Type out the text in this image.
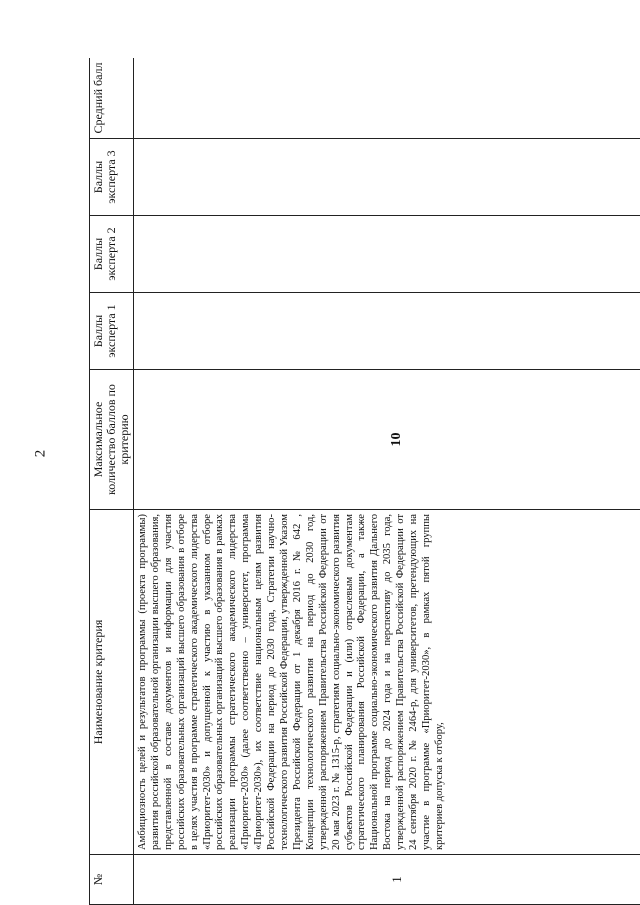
2
№	Наименование критерия	Максимальное количество баллов по критерию	Баллы эксперта 1	Баллы эксперта 2	Баллы эксперта 3	Средний балл
1	Амбициозность целей и результатов программы (проекта программы) развития российской образовательной организации высшего образования, представленной в составе документов и информации для участия российских образовательных организаций высшего образования в отборе в целях участия в программе стратегического академического лидерства «Приоритет-2030» и допущенной к участию в указанном отборе российских образовательных организаций высшего образования в рамках реализации программы стратегического академического лидерства «Приоритет-2030» (далее соответственно – университет, программа «Приоритет-2030»), их соответствие национальным целям развития Российской Федерации на период до 2030 года, Стратегии научно-технологического развития Российской Федерации, утвержденной Указом Президента Российской Федерации от 1 декабря 2016 г. № 642 , Концепции технологического развития на период до 2030 год, утвержденной распоряжением Правительства Российской Федерации от 20 мая 2023 г. № 1315-р, стратегиям социально-экономического развития субъектов Российской Федерации и (или) отраслевым документам стратегического планирования Российской Федерации, а также Национальной программе социально-экономического развития Дальнего Востока на период до 2024 года и на перспективу до 2035 года, утвержденной распоряжением Правительства Российской Федерации от 24 сентября 2020 г. № 2464-р, для университетов, претендующих на участие в программе «Приоритет-2030», в рамках пятой группы критериев допуска к отбору,	10				
